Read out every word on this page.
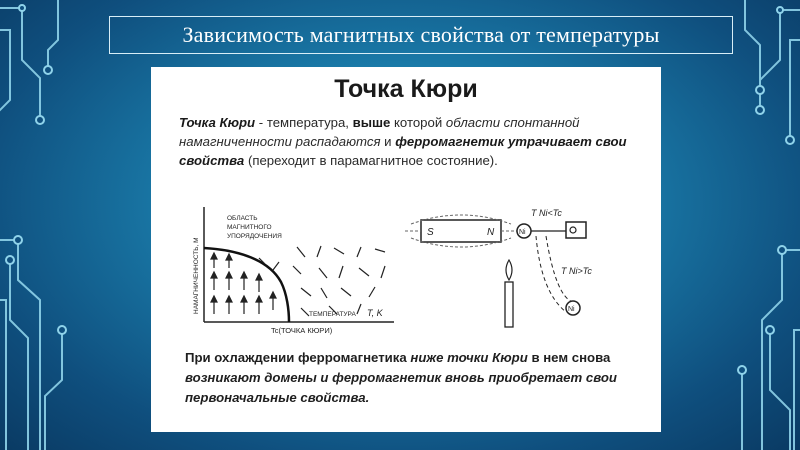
Зависимость магнитных свойства от температуры
Точка Кюри
Точка Кюри - температура, выше которой области спонтанной намагниченности распадаются и ферромагнетик утрачивает свои свойства (переходит в парамагнитное состояние).
НАМАГНИЧЕННОСТЬ, М
ОБЛАСТЬ
МАГНИТНОГО
УПОРЯДОЧЕНИЯ
ТЕМПЕРАТУРА T, K
Tc(ТОЧКА КЮРИ)
S	N	Ni
T Ni<Tc
T Ni>Tc
Ni
При охлаждении ферромагнетика ниже точки Кюри в нем снова возникают домены и ферромагнетик вновь приобретает свои первоначальные свойства.
